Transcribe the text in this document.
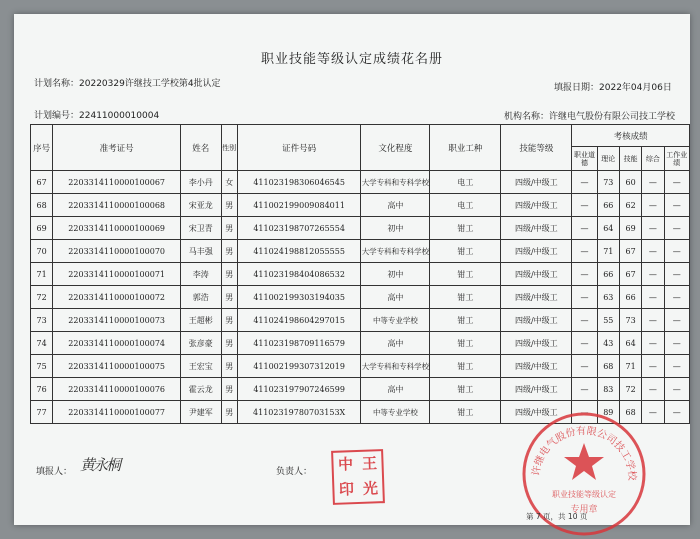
职业技能等级认定成绩花名册
计划名称：20220329许继技工学校第4批认定	填报日期：2022年04月06日
计划编号：22411000010004	机构名称：许继电气股份有限公司技工学校
序号	准考证号	姓名	性别	证件号码	文化程度	职业工种	技能等级	考核成绩				
								职业道德	理论	技能	综合	工作业绩
67	2203314110000100067	李小丹	女	411023198306046545	大学专科和专科学校	电工	四级/中级工	—	73	60	—	—
68	2203314110000100068	宋亚龙	男	411002199009084011	高中	电工	四级/中级工	—	66	62	—	—
69	2203314110000100069	宋卫青	男	411023198707265554	初中	钳工	四级/中级工	—	64	69	—	—
70	2203314110000100070	马丰强	男	411024198812055555	大学专科和专科学校	钳工	四级/中级工	—	71	67	—	—
71	2203314110000100071	李涛	男	411023198404086532	初中	钳工	四级/中级工	—	66	67	—	—
72	2203314110000100072	郭浩	男	411002199303194035	高中	钳工	四级/中级工	—	63	66	—	—
73	2203314110000100073	王超彬	男	411024198604297015	中等专业学校	钳工	四级/中级工	—	55	73	—	—
74	2203314110000100074	张彦豪	男	411023198709116579	高中	钳工	四级/中级工	—	43	64	—	—
75	2203314110000100075	王宏宝	男	411002199307312019	大学专科和专科学校	钳工	四级/中级工	—	68	71	—	—
76	2203314110000100076	霍云龙	男	411023197907246599	高中	钳工	四级/中级工	—	83	72	—	—
77	2203314110000100077	尹建军	男	41102319780703153X	中等专业学校	钳工	四级/中级工	—	89	68	—	—
填报人： 黄永桐	负责人：	中 王
印 光
许继电气股份有限公司技工学校
职业技能等级认定
专用章
第 7 页，共 10 页
